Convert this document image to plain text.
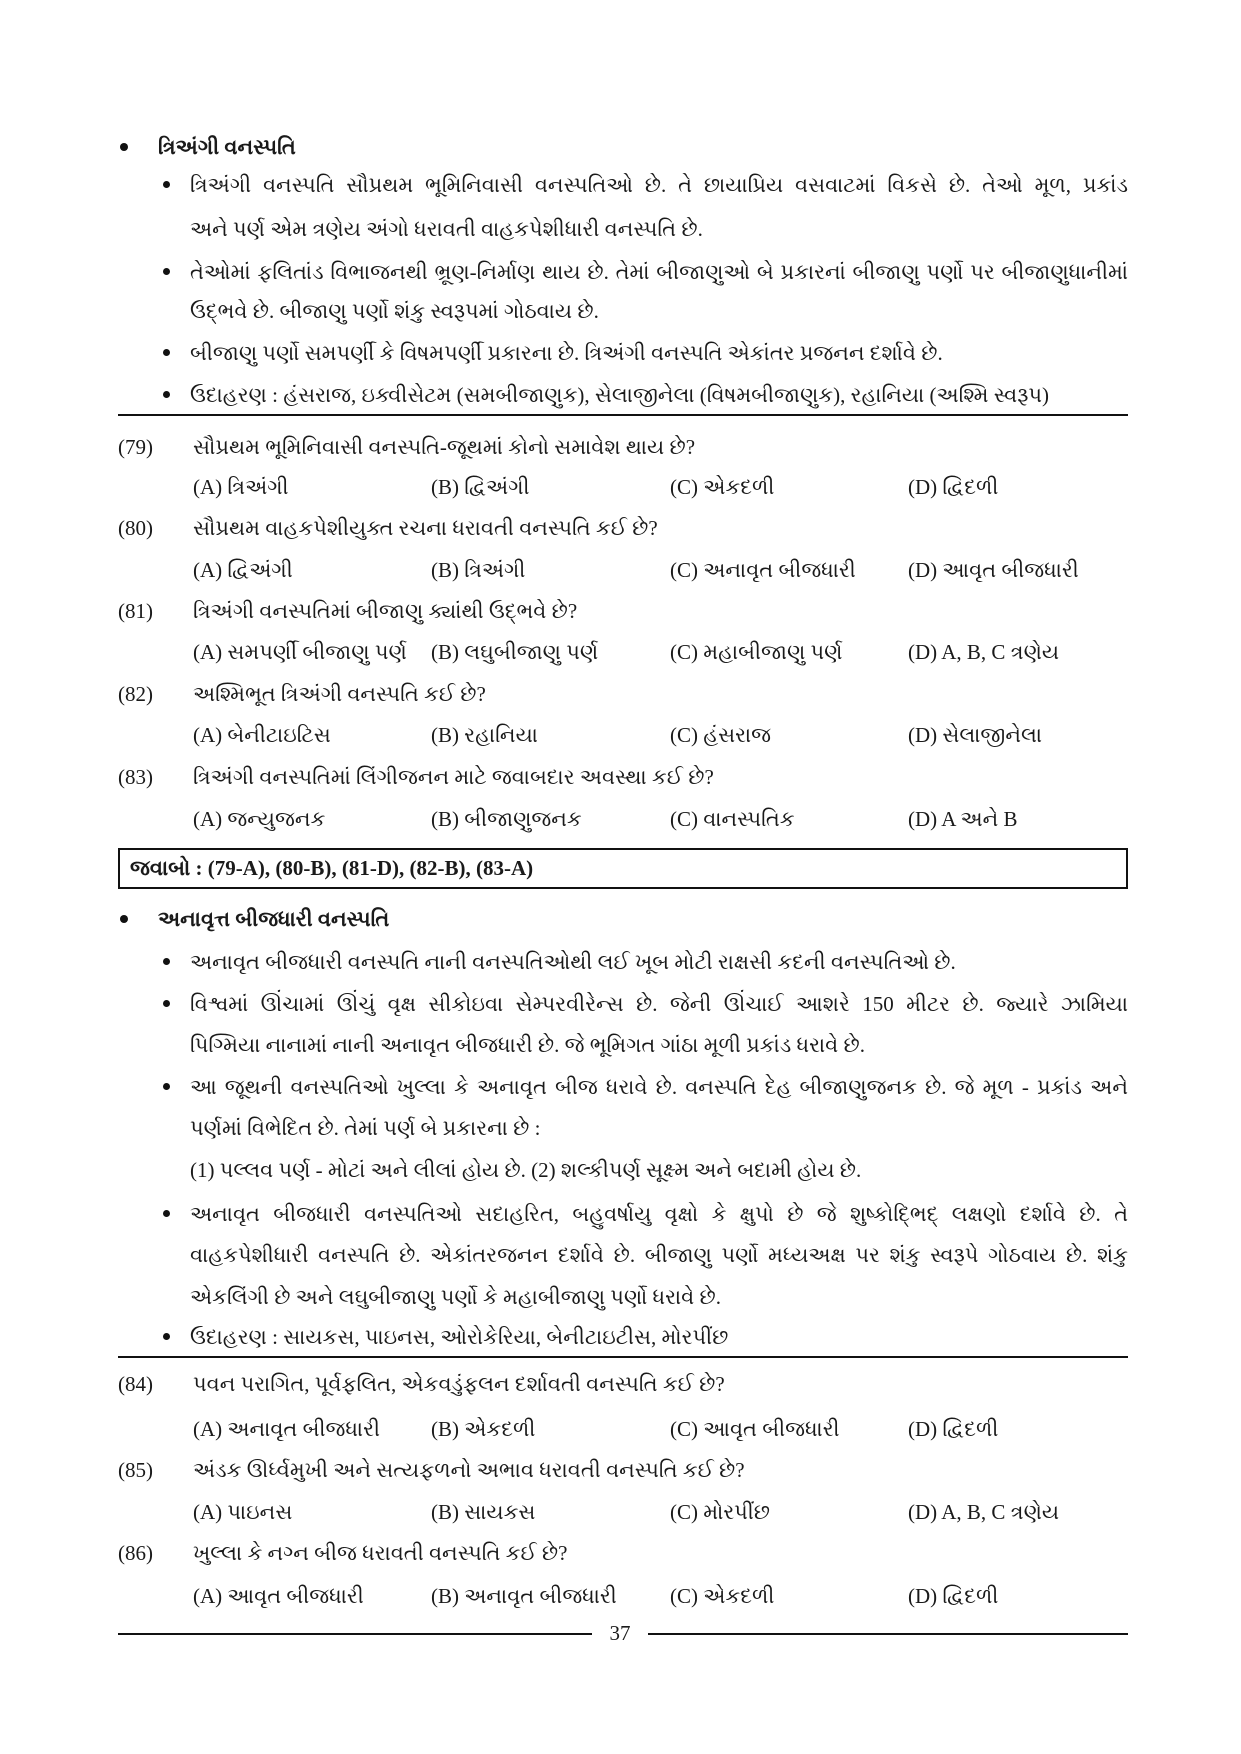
ત્રિઅંગી વનસ્પતિ
ત્રિઅંગી વનસ્પતિ સૌપ્રથમ ભૂમિનિવાસી વનસ્પતિઓ છે. તે છાયાપ્રિય વસવાટમાં વિકસે છે. તેઓ મૂળ, પ્રકાંડ
અને પર્ણ એમ ત્રણેય અંગો ધરાવતી વાહકપેશીધારી વનસ્પતિ છે.
તેઓમાં ફલિતાંડ વિભાજનથી ભ્રૂણ-નિર્માણ થાય છે. તેમાં બીજાણુઓ બે પ્રકારનાં બીજાણુ પર્ણો પર બીજાણુધાનીમાં
ઉદ્ભવે છે. બીજાણુ પર્ણો શંકુ સ્વરૂપમાં ગોઠવાય છે.
બીજાણુ પર્ણો સમપર્ણી કે વિષમપર્ણી પ્રકારના છે. ત્રિઅંગી વનસ્પતિ એકાંતર પ્રજનન દર્શાવે છે.
ઉદાહરણ : હંસરાજ, ઇક્વીસેટમ (સમબીજાણુક), સેલાજીનેલા (વિષમબીજાણુક), રહાનિયા (અશ્મિ સ્વરૂપ)
(79)	સૌપ્રથમ ભૂમિનિવાસી વનસ્પતિ-જૂથમાં કોનો સમાવેશ થાય છે?
(A) ત્રિઅંગી	(B) દ્વિઅંગી	(C) એકદળી	(D) દ્વિદળી
(80)	સૌપ્રથમ વાહકપેશીયુક્ત રચના ધરાવતી વનસ્પતિ કઈ છે?
(A) દ્વિઅંગી	(B) ત્રિઅંગી	(C) અનાવૃત બીજધારી	(D) આવૃત બીજધારી
(81)	ત્રિઅંગી વનસ્પતિમાં બીજાણુ ક્યાંથી ઉદ્ભવે છે?
(A) સમપર્ણી બીજાણુ પર્ણ	(B) લઘુબીજાણુ પર્ણ	(C) મહાબીજાણુ પર્ણ	(D) A, B, C ત્રણેય
(82)	અશ્મિભૂત ત્રિઅંગી વનસ્પતિ કઈ છે?
(A) બેનીટાઇટિસ	(B) રહાનિયા	(C) હંસરાજ	(D) સેલાજીનેલા
(83)	ત્રિઅંગી વનસ્પતિમાં લિંગીજનન માટે જવાબદાર અવસ્થા કઈ છે?
(A) જન્યુજનક	(B) બીજાણુજનક	(C) વાનસ્પતિક	(D) A અને B
જવાબો : (79-A), (80-B), (81-D), (82-B), (83-A)
અનાવૃત્ત બીજધારી વનસ્પતિ
અનાવૃત બીજધારી વનસ્પતિ નાની વનસ્પતિઓથી લઈ ખૂબ મોટી રાક્ષસી કદની વનસ્પતિઓ છે.
વિશ્વમાં ઊંચામાં ઊંચું વૃક્ષ સીકોઇવા સેમ્પરવીરેન્સ છે. જેની ઊંચાઈ આશરે 150 મીટર છે. જ્યારે ઝામિયા
પિગ્મિયા નાનામાં નાની અનાવૃત બીજધારી છે. જે ભૂમિગત ગાંઠા મૂળી પ્રકાંડ ધરાવે છે.
આ જૂથની વનસ્પતિઓ ખુલ્લા કે અનાવૃત બીજ ધરાવે છે. વનસ્પતિ દેહ બીજાણુજનક છે. જે મૂળ - પ્રકાંડ અને
પર્ણમાં વિભેદિત છે. તેમાં પર્ણ બે પ્રકારના છે :
(1) પલ્લવ પર્ણ - મોટાં અને લીલાં હોય છે. (2) શલ્કીપર્ણ સૂક્ષ્મ અને બદામી હોય છે.
અનાવૃત બીજધારી વનસ્પતિઓ સદાહરિત, બહુવર્ષાયુ વૃક્ષો કે ક્ષુપો છે જે શુષ્કોદ્ભિદ્ લક્ષણો દર્શાવે છે. તે
વાહકપેશીધારી વનસ્પતિ છે. એકાંતરજનન દર્શાવે છે. બીજાણુ પર્ણો મધ્યઅક્ષ પર શંકુ સ્વરૂપે ગોઠવાય છે. શંકુ
એકલિંગી છે અને લઘુબીજાણુ પર્ણો કે મહાબીજાણુ પર્ણો ધરાવે છે.
ઉદાહરણ : સાયકસ, પાઇનસ, ઓરોકેરિયા, બેનીટાઇટીસ, મોરપીંછ
(84)	પવન પરાગિત, પૂર્વફલિત, એકવડુંફલન દર્શાવતી વનસ્પતિ કઈ છે?
(A) અનાવૃત બીજધારી	(B) એકદળી	(C) આવૃત બીજધારી	(D) દ્વિદળી
(85)	અંડક ઊર્ધ્વમુખી અને સત્યફળનો અભાવ ધરાવતી વનસ્પતિ કઈ છે?
(A) પાઇનસ	(B) સાયકસ	(C) મોરપીંછ	(D) A, B, C ત્રણેય
(86)	ખુલ્લા કે નગ્ન બીજ ધરાવતી વનસ્પતિ કઈ છે?
(A) આવૃત બીજધારી	(B) અનાવૃત બીજધારી	(C) એકદળી	(D) દ્વિદળી
37
